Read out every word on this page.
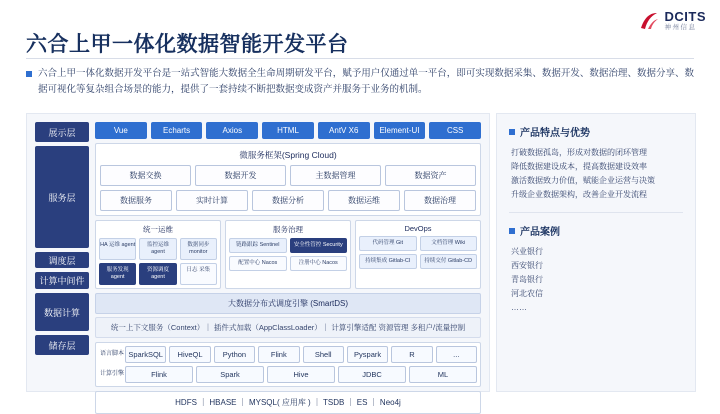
DCITS
神州信息
六合上甲一体化数据智能开发平台
六合上甲一体化数据开发平台是一站式智能大数据全生命周期研发平台，赋予用户仅通过单一平台，即可实现数据采集、数据开发、数据治理、数据分享、数据可视化等复杂组合场景的能力，提供了一套持续不断把数据变成资产并服务于业务的机制。
展示层
服务层
调度层
计算中间件
数据计算
储存层
Vue	Echarts	Axios	HTML	AntV X6	Element-UI	CSS
微服务框架(Spring Cloud)
数据交换	数据开发	主数据管理	数据资产
数据服务	实时计算	数据分析	数据运维	数据治理
统一运维
HA 运维 agent	监控运维 agent
数据同步 monitor
服务发现 agent
资源调度 agent
日志 采集
服务治理
链路跟踪 Sentinel	安全性管控 Security
配置中心 Nacos	注册中心 Nacos
DevOps
代码管理 Git	文档管理 Wiki
持续集成 Gitlab-CI	持续交付 Gitlab-CD
大数据分布式调度引擎 (SmartDS)
统一上下文服务（Context）｜ 插件式加载（AppClassLoader）｜ 计算引擎适配 资源管理 多租户/流量控制
语言脚本
计算引擎
SparkSQL	HiveQL	Python	Flink	Shell	Pyspark	R	...
Flink	Spark	Hive	JDBC	ML
HDFS ｜ HBASE ｜ MYSQL( 应用库 ) ｜ TSDB ｜ ES ｜ Neo4j
产品特点与优势
打破数据孤岛，形成对数据的闭环管理
降低数据建设成本，提高数据建设效率
激活数据致力价值，赋能企业运营与决策
升级企业数据架构，改善企业开发流程
产品案例
兴业银行
西安银行
青岛银行
河北农信
……
